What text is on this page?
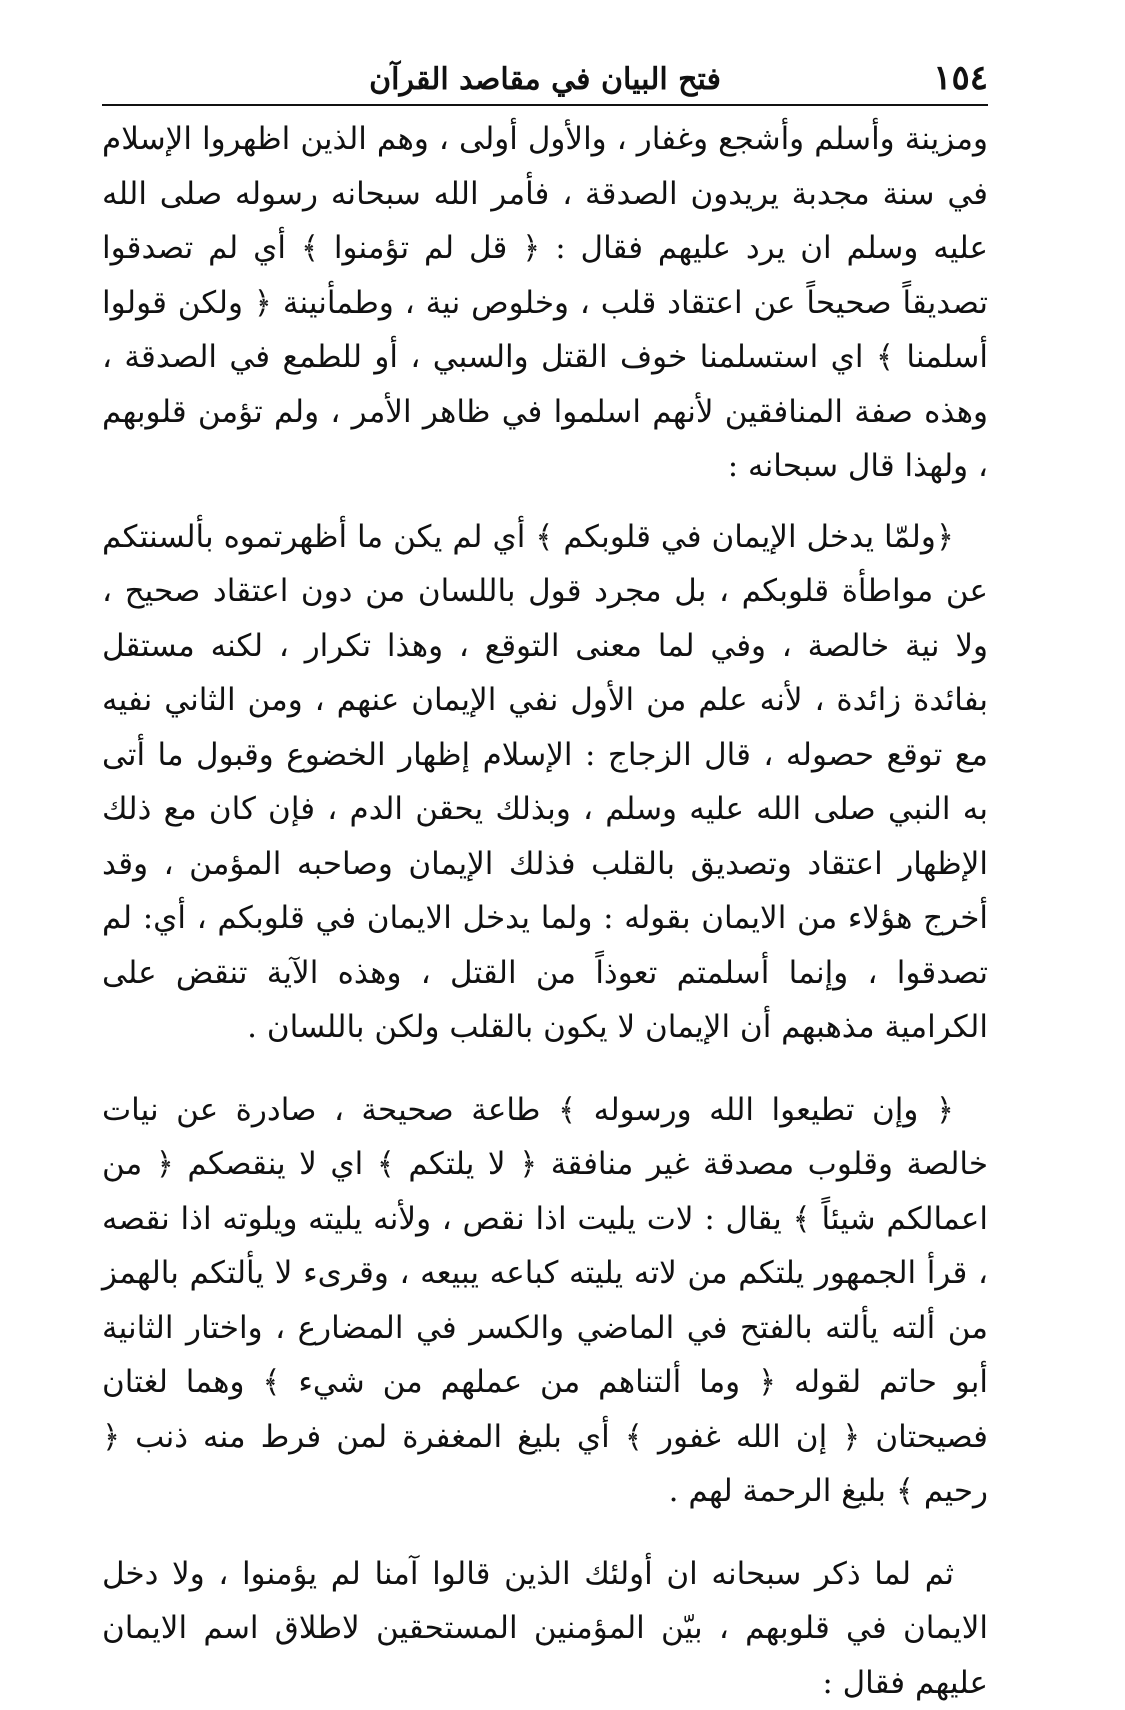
١٥٤
فتح البيان في مقاصد القرآن

ومزينة وأسلم وأشجع وغفار ، والأول أولى ، وهم الذين اظهروا الإسلام في سنة مجدبة يريدون الصدقة ، فأمر الله سبحانه رسوله صلى الله عليه وسلم ان يرد عليهم فقال : ﴿ قل لم تؤمنوا ﴾ أي لم تصدقوا تصديقاً صحيحاً عن اعتقاد قلب ، وخلوص نية ، وطمأنينة ﴿ ولكن قولوا أسلمنا ﴾ اي استسلمنا خوف القتل والسبي ، أو للطمع في الصدقة ، وهذه صفة المنافقين لأنهم اسلموا في ظاهر الأمر ، ولم تؤمن قلوبهم ، ولهذا قال سبحانه :

﴿ولمّا يدخل الإيمان في قلوبكم ﴾ أي لم يكن ما أظهرتموه بألسنتكم عن مواطأة قلوبكم ، بل مجرد قول باللسان من دون اعتقاد صحيح ، ولا نية خالصة ، وفي لما معنى التوقع ، وهذا تكرار ، لكنه مستقل بفائدة زائدة ، لأنه علم من الأول نفي الإيمان عنهم ، ومن الثاني نفيه مع توقع حصوله ، قال الزجاج : الإسلام إظهار الخضوع وقبول ما أتى به النبي صلى الله عليه وسلم ، وبذلك يحقن الدم ، فإن كان مع ذلك الإظهار اعتقاد وتصديق بالقلب فذلك الإيمان وصاحبه المؤمن ، وقد أخرج هؤلاء من الايمان بقوله : ولما يدخل الايمان في قلوبكم ، أي: لم تصدقوا ، وإنما أسلمتم تعوذاً من القتل ، وهذه الآية تنقض على الكرامية مذهبهم أن الإيمان لا يكون بالقلب ولكن باللسان .

﴿ وإن تطيعوا الله ورسوله ﴾ طاعة صحيحة ، صادرة عن نيات خالصة وقلوب مصدقة غير منافقة ﴿ لا يلتكم ﴾ اي لا ينقصكم ﴿ من اعمالكم شيئاً ﴾ يقال : لات يليت اذا نقص ، ولأنه يليته ويلوته اذا نقصه ، قرأ الجمهور يلتكم من لاته يليته كباعه يبيعه ، وقرىء لا يألتكم بالهمز من ألته يألته بالفتح في الماضي والكسر في المضارع ، واختار الثانية أبو حاتم لقوله ﴿ وما ألتناهم من عملهم من شيء ﴾ وهما لغتان فصيحتان ﴿ إن الله غفور ﴾ أي بليغ المغفرة لمن فرط منه ذنب ﴿ رحيم ﴾ بليغ الرحمة لهم .

ثم لما ذكر سبحانه ان أولئك الذين قالوا آمنا لم يؤمنوا ، ولا دخل الايمان في قلوبهم ، بيّن المؤمنين المستحقين لاطلاق اسم الايمان عليهم فقال :
